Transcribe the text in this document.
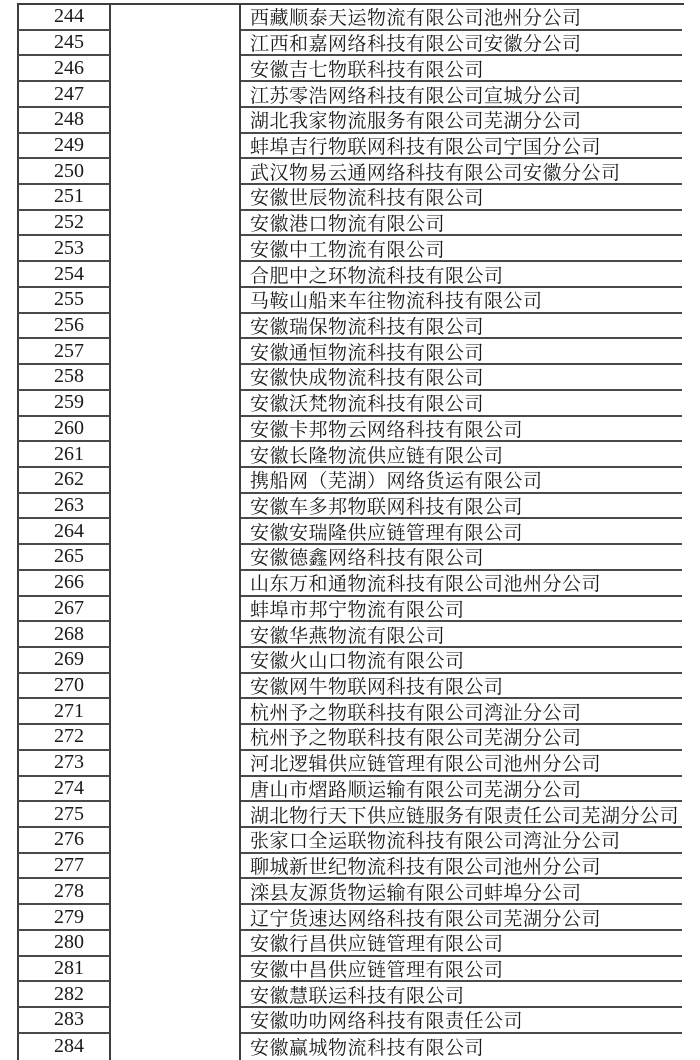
244	西藏顺泰天运物流有限公司池州分公司
245	江西和嘉网络科技有限公司安徽分公司
246	安徽吉七物联科技有限公司
247	江苏零浩网络科技有限公司宣城分公司
248	湖北我家物流服务有限公司芜湖分公司
249	蚌埠吉行物联网科技有限公司宁国分公司
250	武汉物易云通网络科技有限公司安徽分公司
251	安徽世辰物流科技有限公司
252	安徽港口物流有限公司
253	安徽中工物流有限公司
254	合肥中之环物流科技有限公司
255	马鞍山船来车往物流科技有限公司
256	安徽瑞保物流科技有限公司
257	安徽通恒物流科技有限公司
258	安徽快成物流科技有限公司
259	安徽沃梵物流科技有限公司
260	安徽卡邦物云网络科技有限公司
261	安徽长隆物流供应链有限公司
262	携船网（芜湖）网络货运有限公司
263	安徽车多邦物联网科技有限公司
264	安徽安瑞隆供应链管理有限公司
265	安徽德鑫网络科技有限公司
266	山东万和通物流科技有限公司池州分公司
267	蚌埠市邦宁物流有限公司
268	安徽华燕物流有限公司
269	安徽火山口物流有限公司
270	安徽网牛物联网科技有限公司
271	杭州予之物联科技有限公司湾沚分公司
272	杭州予之物联科技有限公司芜湖分公司
273	河北逻辑供应链管理有限公司池州分公司
274	唐山市熠路顺运输有限公司芜湖分公司
275	湖北物行天下供应链服务有限责任公司芜湖分公司
276	张家口全运联物流科技有限公司湾沚分公司
277	聊城新世纪物流科技有限公司池州分公司
278	滦县友源货物运输有限公司蚌埠分公司
279	辽宁货速达网络科技有限公司芜湖分公司
280	安徽行昌供应链管理有限公司
281	安徽中昌供应链管理有限公司
282	安徽慧联运科技有限公司
283	安徽叻叻网络科技有限责任公司
284	安徽赢城物流科技有限公司
